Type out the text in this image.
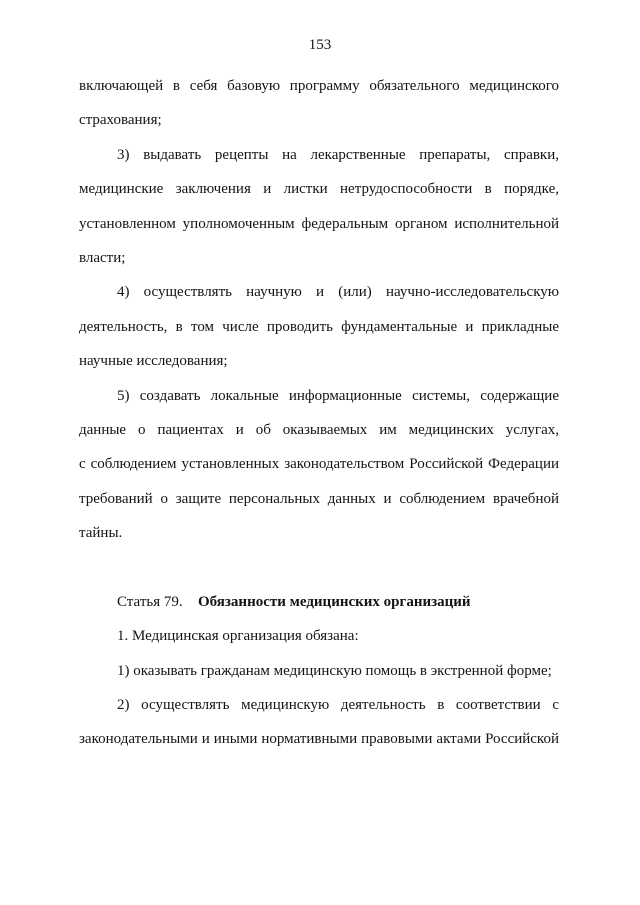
153
включающей в себя базовую программу обязательного медицинского
страхования;
3) выдавать рецепты на лекарственные препараты, справки,
медицинские заключения и листки нетрудоспособности в порядке,
установленном уполномоченным федеральным органом исполнительной
власти;
4) осуществлять научную и (или) научно-исследовательскую
деятельность, в том числе проводить фундаментальные и прикладные
научные исследования;
5) создавать локальные информационные системы, содержащие
данные о пациентах и об оказываемых им медицинских услугах,
с соблюдением установленных законодательством Российской Федерации
требований о защите персональных данных и соблюдением врачебной
тайны.
Статья 79. Обязанности медицинских организаций
1. Медицинская организация обязана:
1) оказывать гражданам медицинскую помощь в экстренной форме;
2) осуществлять медицинскую деятельность в соответствии с
законодательными и иными нормативными правовыми актами Российской
